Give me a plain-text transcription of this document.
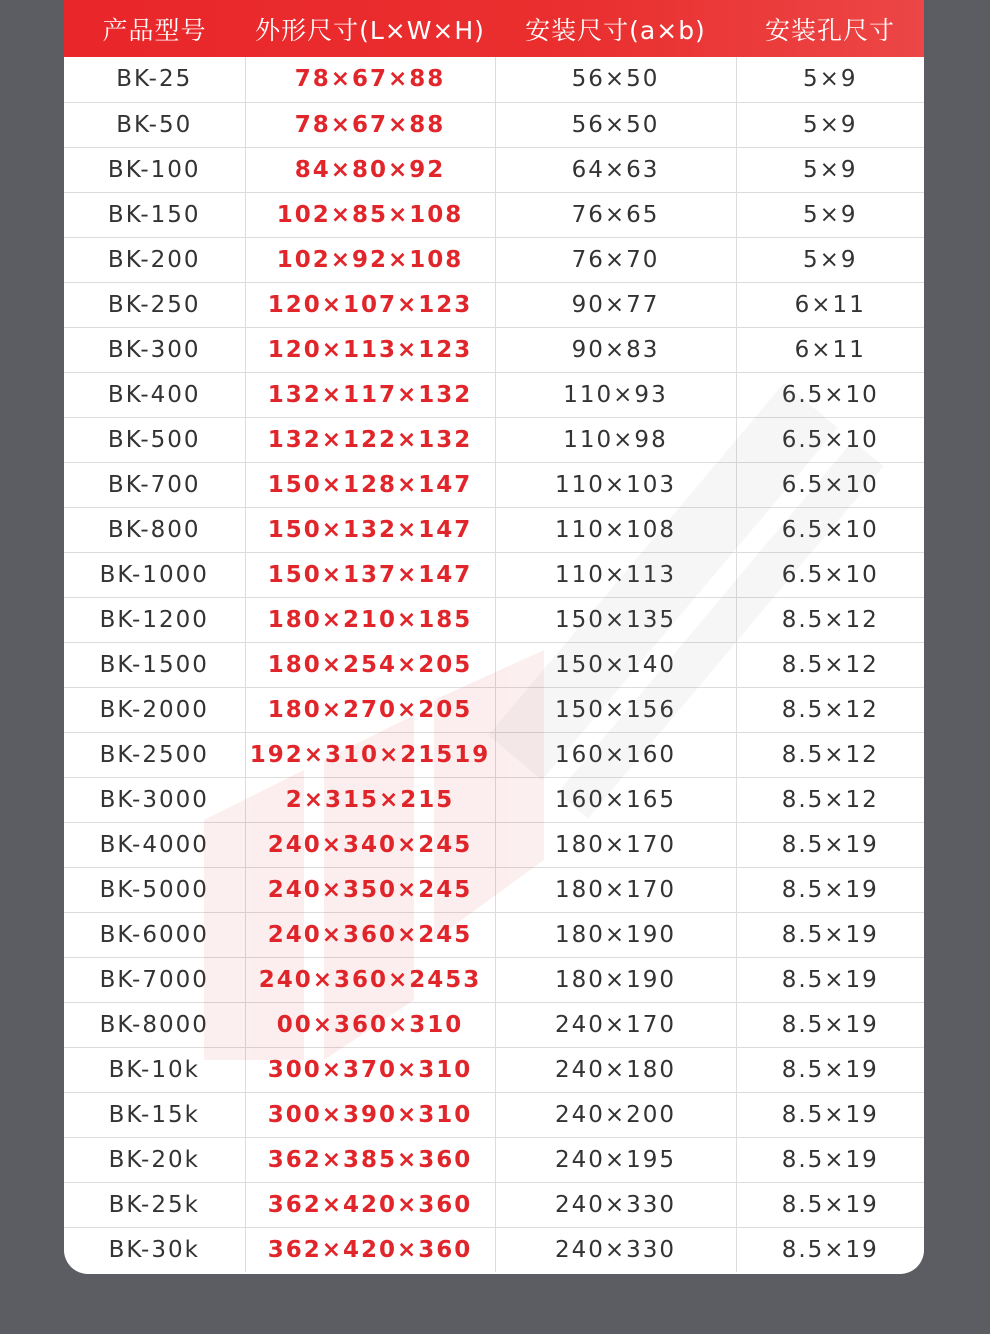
产品型号	外形尺寸(L×W×H)	安装尺寸(a×b)	安装孔尺寸
BK-25	78×67×88	56×50	5×9
BK-50	78×67×88	56×50	5×9
BK-100	84×80×92	64×63	5×9
BK-150	102×85×108	76×65	5×9
BK-200	102×92×108	76×70	5×9
BK-250	120×107×123	90×77	6×11
BK-300	120×113×123	90×83	6×11
BK-400	132×117×132	110×93	6.5×10
BK-500	132×122×132	110×98	6.5×10
BK-700	150×128×147	110×103	6.5×10
BK-800	150×132×147	110×108	6.5×10
BK-1000	150×137×147	110×113	6.5×10
BK-1200	180×210×185	150×135	8.5×12
BK-1500	180×254×205	150×140	8.5×12
BK-2000	180×270×205	150×156	8.5×12
BK-2500	192×310×21519	160×160	8.5×12
BK-3000	2×315×215	160×165	8.5×12
BK-4000	240×340×245	180×170	8.5×19
BK-5000	240×350×245	180×170	8.5×19
BK-6000	240×360×245	180×190	8.5×19
BK-7000	240×360×2453	180×190	8.5×19
BK-8000	00×360×310	240×170	8.5×19
BK-10k	300×370×310	240×180	8.5×19
BK-15k	300×390×310	240×200	8.5×19
BK-20k	362×385×360	240×195	8.5×19
BK-25k	362×420×360	240×330	8.5×19
BK-30k	362×420×360	240×330	8.5×19
